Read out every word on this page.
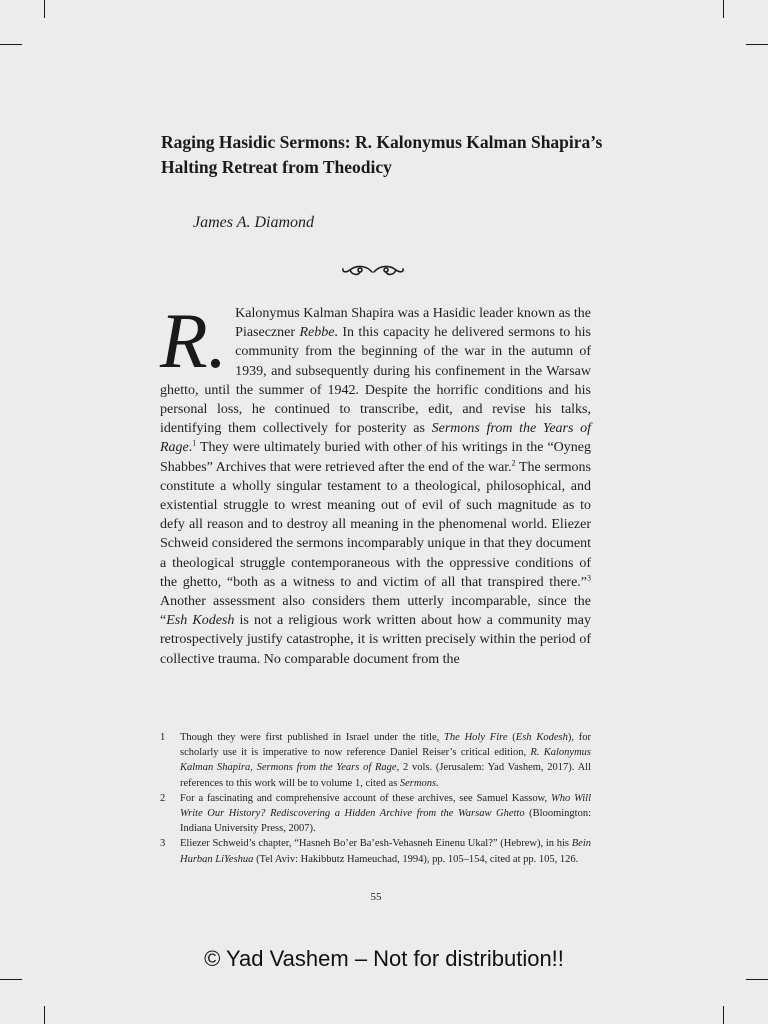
Raging Hasidic Sermons: R. Kalonymus Kalman Shapira’s Halting Retreat from Theodicy

James A. Diamond

R. Kalonymus Kalman Shapira was a Hasidic leader known as the Piaseczner Rebbe. In this capacity he delivered sermons to his community from the beginning of the war in the autumn of 1939, and subsequently during his confinement in the Warsaw ghetto, until the summer of 1942. Despite the horrific conditions and his personal loss, he continued to transcribe, edit, and revise his talks, identifying them collectively for posterity as Sermons from the Years of Rage.$^1$ They were ultimately buried with other of his writings in the “Oyneg Shabbes” Archives that were retrieved after the end of the war.$^2$ The sermons constitute a wholly singular testament to a theological, philosophical, and existential struggle to wrest meaning out of evil of such magnitude as to defy all reason and to destroy all meaning in the phenomenal world. Eliezer Schweid considered the sermons incomparably unique in that they document a theological struggle contemporaneous with the oppressive conditions of the ghetto, “both as a witness to and victim of all that transpired there.”$^3$ Another assessment also considers them utterly incomparable, since the “Esh Kodesh is not a religious work written about how a community may retrospectively justify catastrophe, it is written precisely within the period of collective trauma. No comparable document from the

1	Though they were first published in Israel under the title, The Holy Fire (Esh Kodesh), for scholarly use it is imperative to now reference Daniel Reiser’s critical edition, R. Kalonymus Kalman Shapira, Sermons from the Years of Rage, 2 vols. (Jerusalem: Yad Vashem, 2017). All references to this work will be to volume 1, cited as Sermons.
2	For a fascinating and comprehensive account of these archives, see Samuel Kassow, Who Will Write Our History? Rediscovering a Hidden Archive from the Warsaw Ghetto (Bloomington: Indiana University Press, 2007).
3	Eliezer Schweid’s chapter, “Hasneh Bo’er Ba’esh-Vehasneh Einenu Ukal?” (Hebrew), in his Bein Hurban LiYeshua (Tel Aviv: Hakibbutz Hameuchad, 1994), pp. 105–154, cited at pp. 105, 126.
55
© Yad Vashem – Not for distribution!!
